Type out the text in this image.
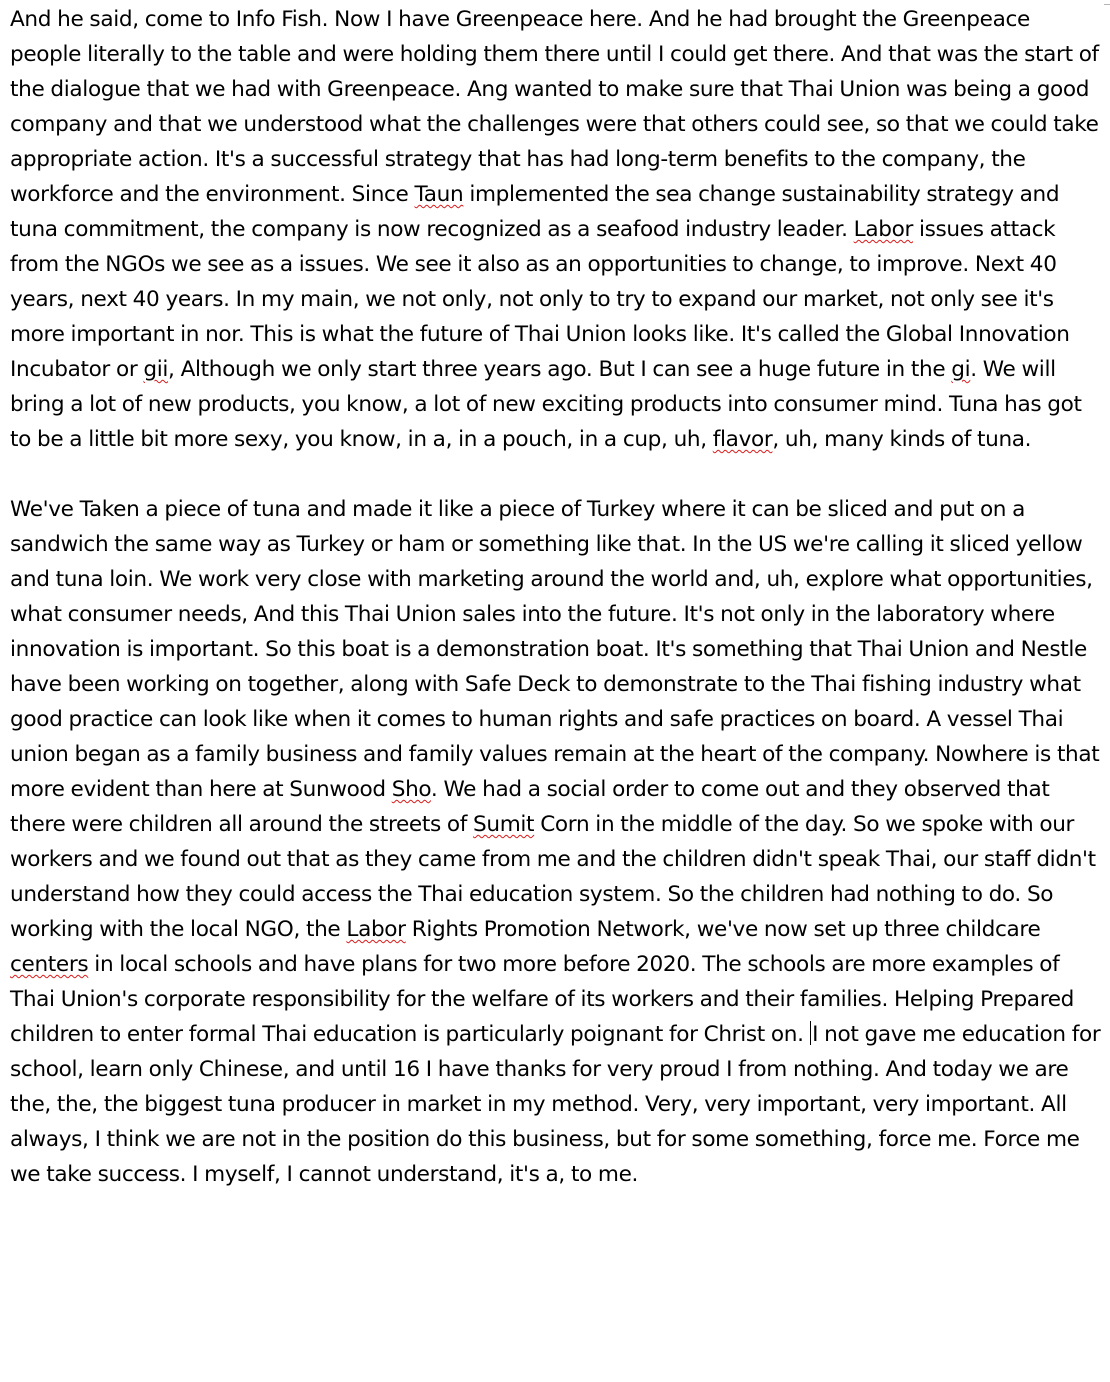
And he said, come to Info Fish. Now I have Greenpeace here. And he had brought the Greenpeace people literally to the table and were holding them there until I could get there. And that was the start of the dialogue that we had with Greenpeace. Ang wanted to make sure that Thai Union was being a good company and that we understood what the challenges were that others could see, so that we could take appropriate action. It's a successful strategy that has had long-term benefits to the company, the workforce and the environment. Since Taun implemented the sea change sustainability strategy and tuna commitment, the company is now recognized as a seafood industry leader. Labor issues attack from the NGOs we see as a issues. We see it also as an opportunities to change, to improve. Next 40 years, next 40 years. In my main, we not only, not only to try to expand our market, not only see it's more important in nor. This is what the future of Thai Union looks like. It's called the Global Innovation Incubator or gii, Although we only start three years ago. But I can see a huge future in the gi. We will bring a lot of new products, you know, a lot of new exciting products into consumer mind. Tuna has got to be a little bit more sexy, you know, in a, in a pouch, in a cup, uh, flavor, uh, many kinds of tuna.

We've Taken a piece of tuna and made it like a piece of Turkey where it can be sliced and put on a sandwich the same way as Turkey or ham or something like that. In the US we're calling it sliced yellow and tuna loin. We work very close with marketing around the world and, uh, explore what opportunities, what consumer needs, And this Thai Union sales into the future. It's not only in the laboratory where innovation is important. So this boat is a demonstration boat. It's something that Thai Union and Nestle have been working on together, along with Safe Deck to demonstrate to the Thai fishing industry what good practice can look like when it comes to human rights and safe practices on board. A vessel Thai union began as a family business and family values remain at the heart of the company. Nowhere is that more evident than here at Sunwood Sho. We had a social order to come out and they observed that there were children all around the streets of Sumit Corn in the middle of the day. So we spoke with our workers and we found out that as they came from me and the children didn't speak Thai, our staff didn't understand how they could access the Thai education system. So the children had nothing to do. So working with the local NGO, the Labor Rights Promotion Network, we've now set up three childcare centers in local schools and have plans for two more before 2020. The schools are more examples of Thai Union's corporate responsibility for the welfare of its workers and their families. Helping Prepared children to enter formal Thai education is particularly poignant for Christ on. I not gave me education for school, learn only Chinese, and until 16 I have thanks for very proud I from nothing. And today we are the, the, the biggest tuna producer in market in my method. Very, very important, very important. All always, I think we are not in the position do this business, but for some something, force me. Force me we take success. I myself, I cannot understand, it's a, to me.
